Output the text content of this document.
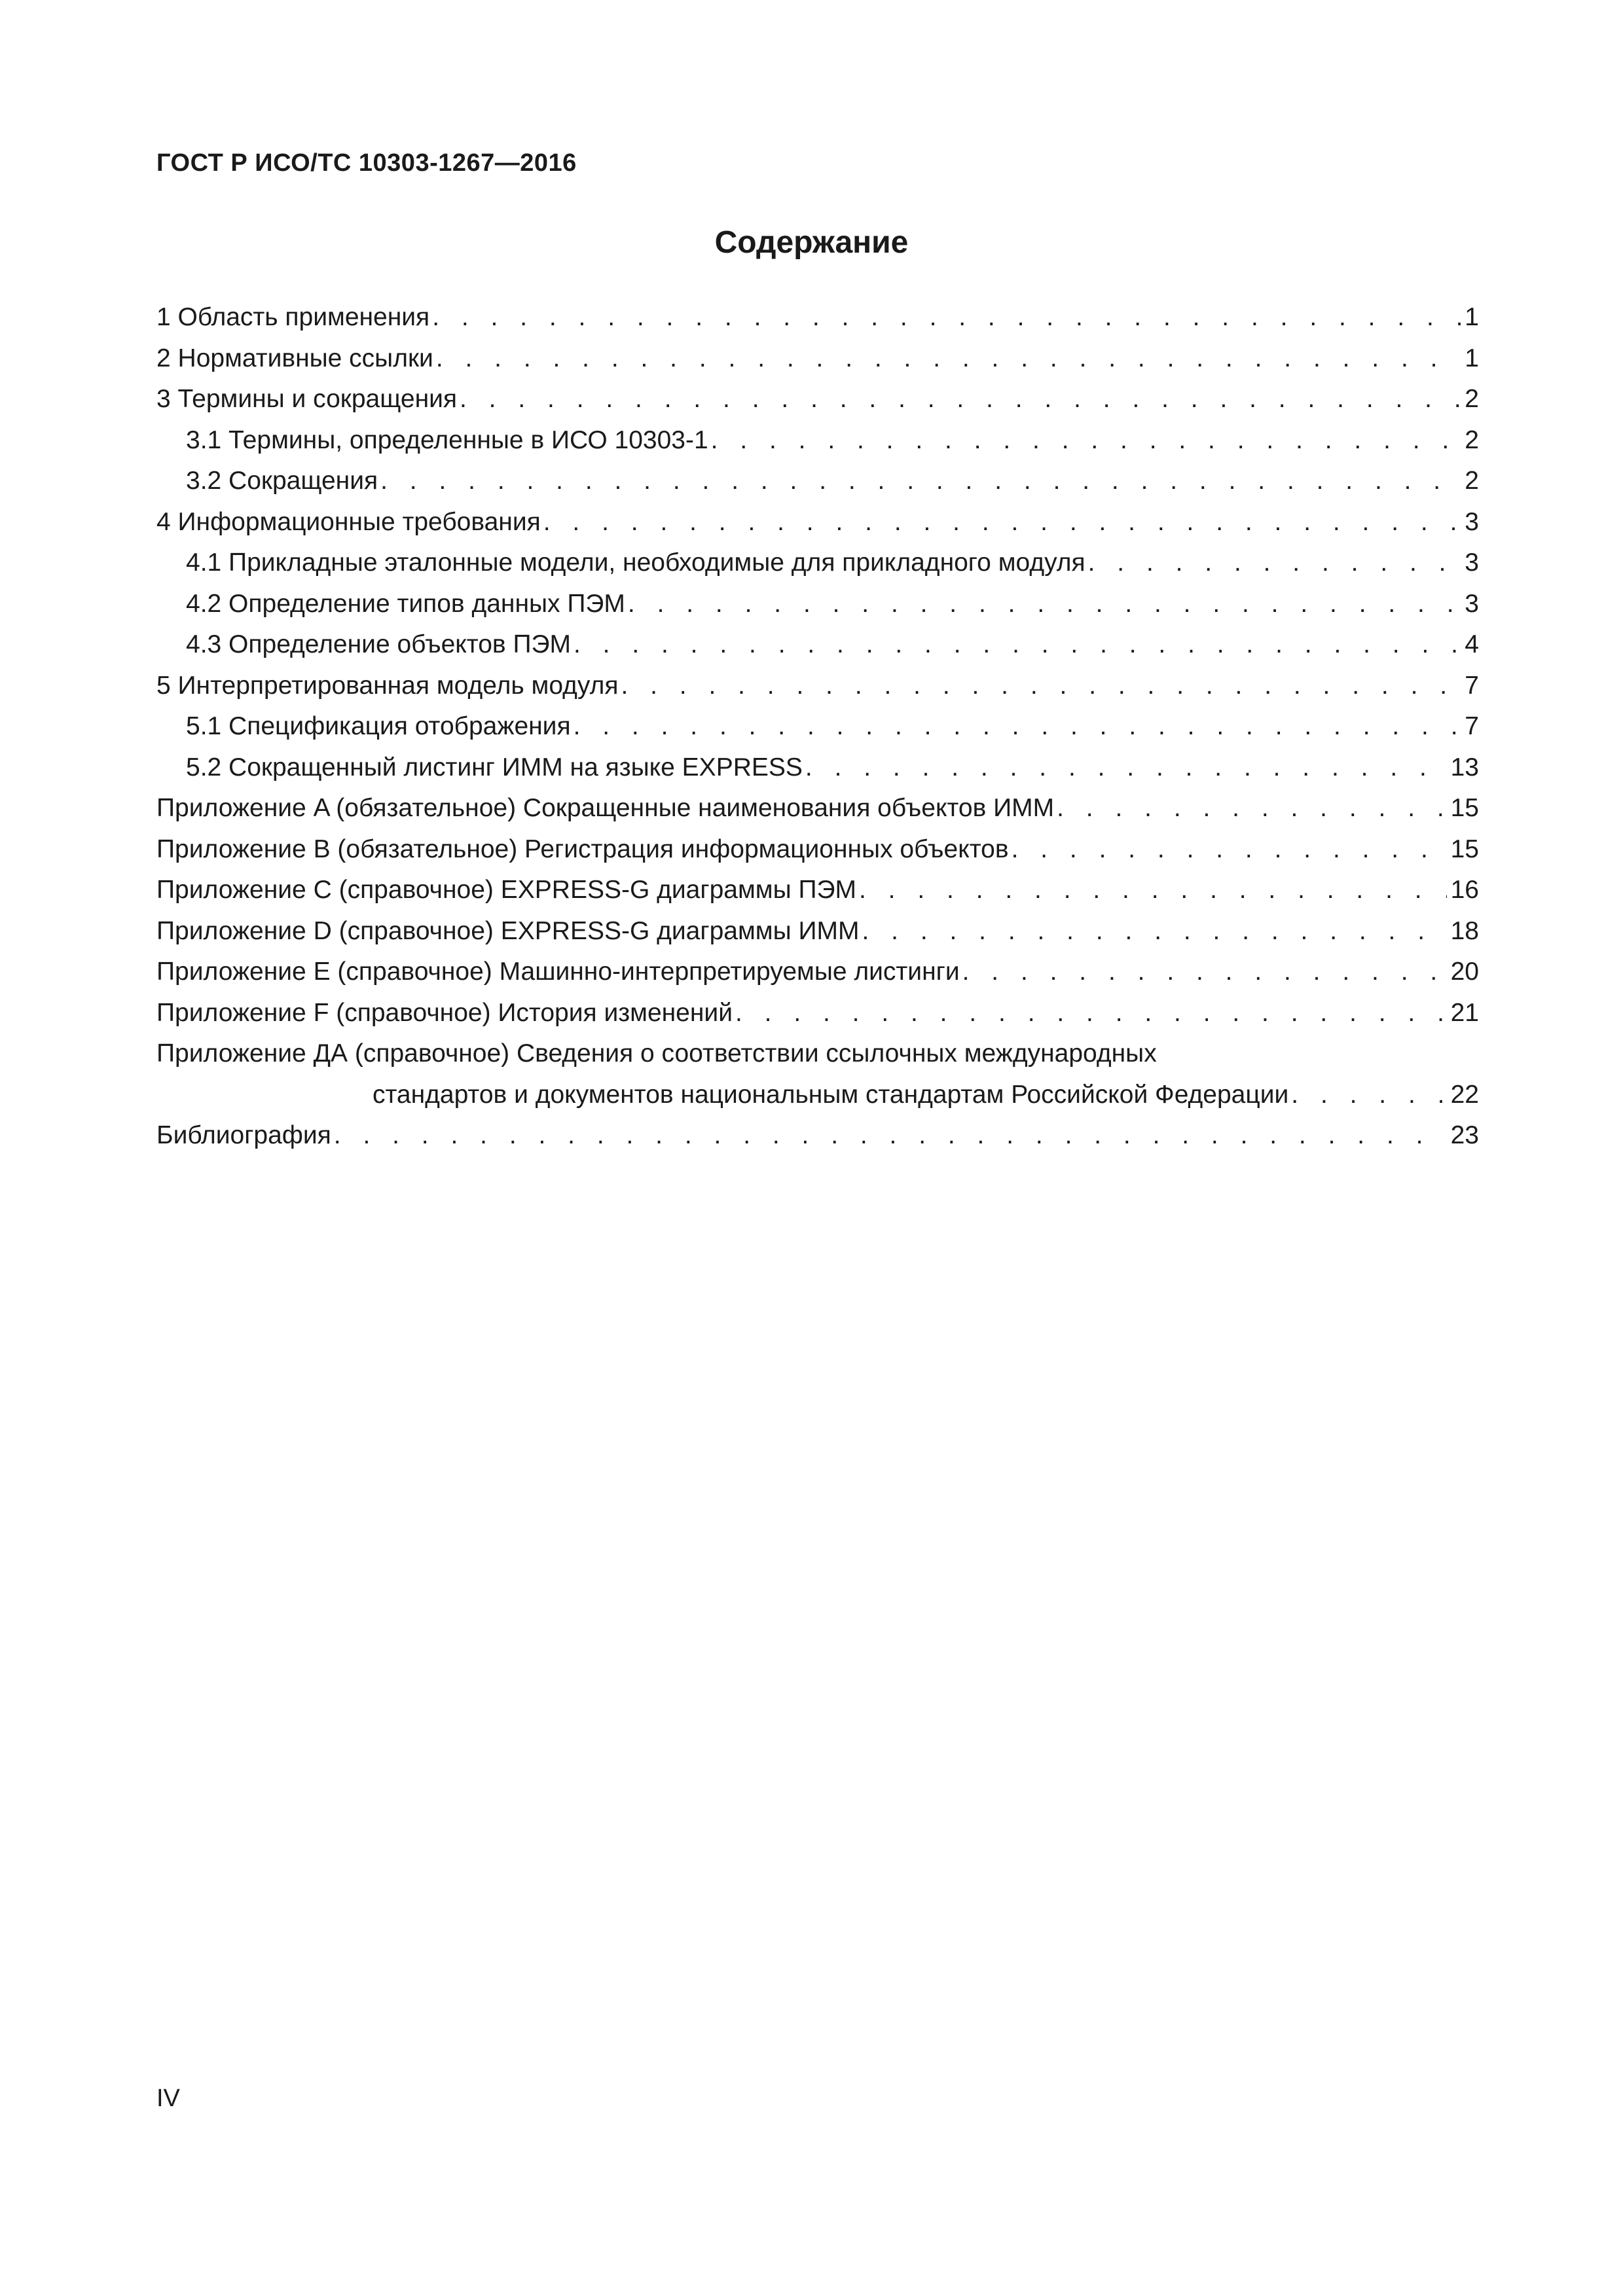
ГОСТ Р ИСО/ТС 10303-1267—2016
Содержание
1 Область применения . . .	1
2 Нормативные ссылки . . .	1
3 Термины и сокращения . . .	2
3.1 Термины, определенные в ИСО 10303-1 . . .	2
3.2 Сокращения . . .	2
4 Информационные требования . . .	3
4.1 Прикладные эталонные модели, необходимые для прикладного модуля . . .	3
4.2 Определение типов данных ПЭМ . . .	3
4.3 Определение объектов ПЭМ . . .	4
5 Интерпретированная модель модуля . . .	7
5.1 Спецификация отображения . . .	7
5.2 Сокращенный листинг ИММ на языке EXPRESS . . .	13
Приложение A (обязательное) Сокращенные наименования объектов ИММ . . .	15
Приложение B (обязательное) Регистрация информационных объектов . . .	15
Приложение C (справочное) EXPRESS-G диаграммы ПЭМ . . .	16
Приложение D (справочное) EXPRESS-G диаграммы ИММ . . .	18
Приложение E (справочное) Машинно-интерпретируемые листинги . . .	20
Приложение F (справочное) История изменений . . .	21
Приложение ДА (справочное) Сведения о соответствии ссылочных международных
стандартов и документов национальным стандартам Российской Федерации . . .	22
Библиография . . .	23
IV
